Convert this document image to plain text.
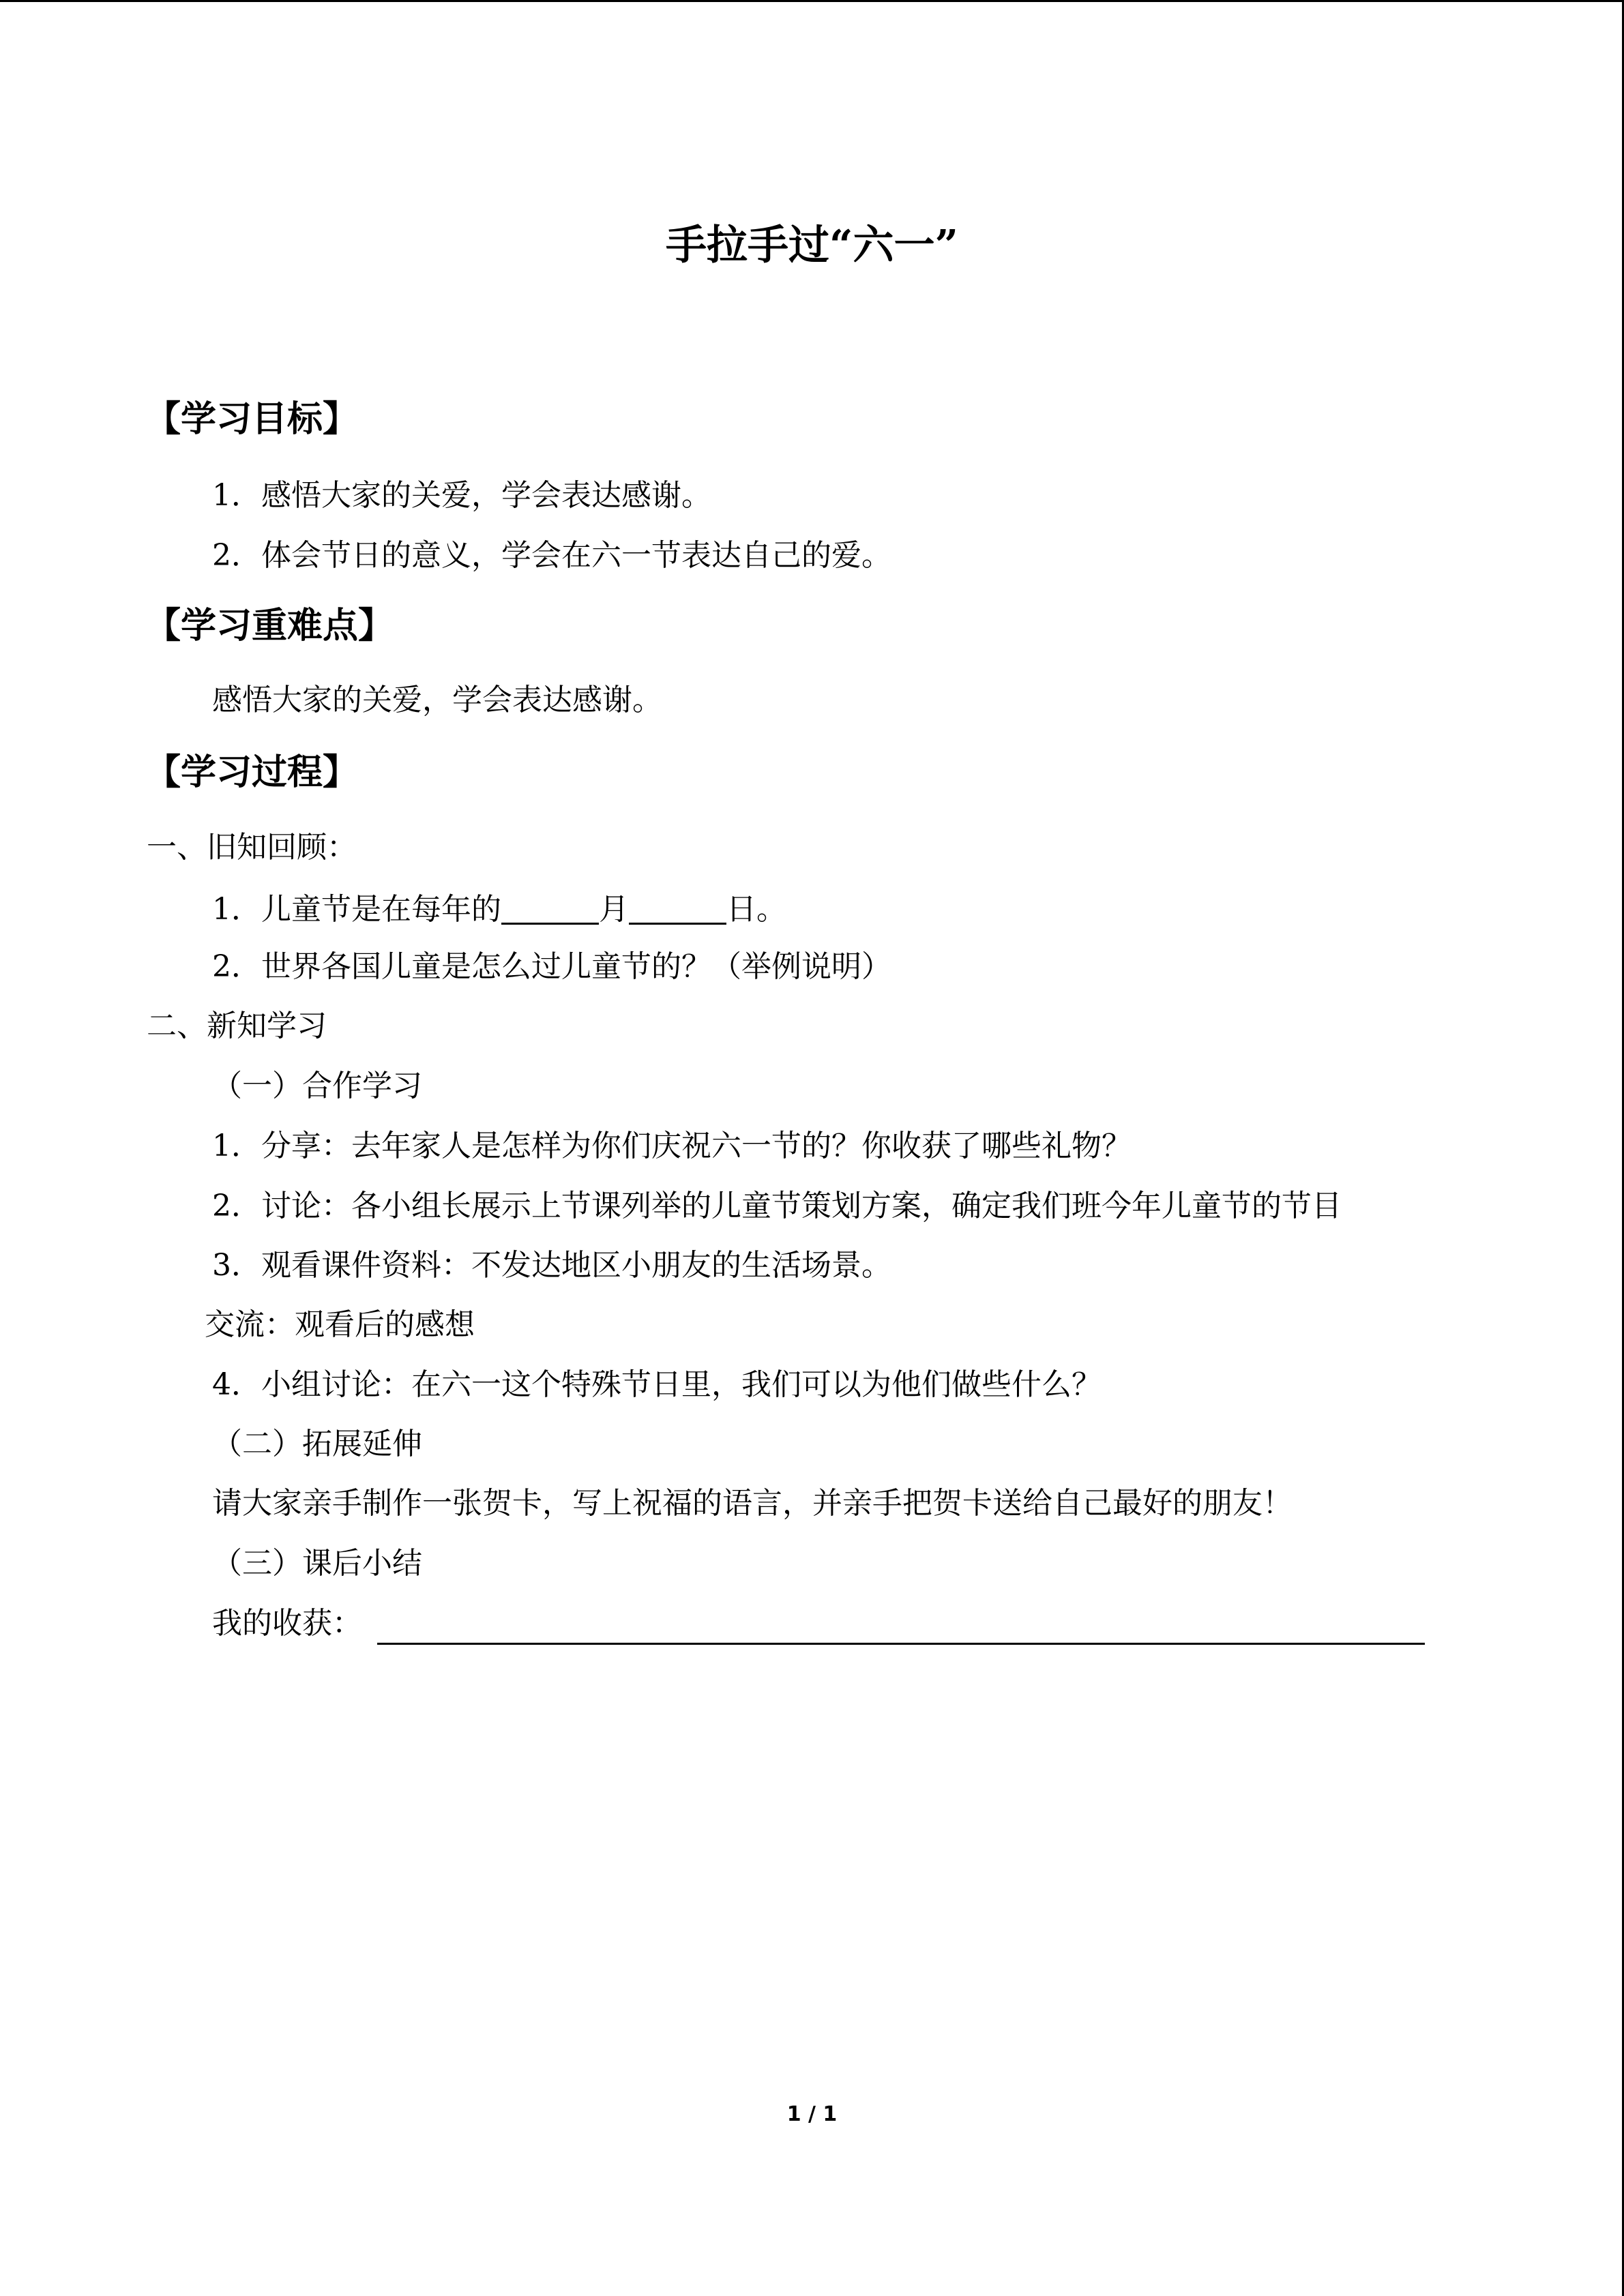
手拉手过“六一”
【学习目标】
1．感悟大家的关爱，学会表达感谢。
2．体会节日的意义，学会在六一节表达自己的爱。
【学习重难点】
感悟大家的关爱，学会表达感谢。
【学习过程】
一、旧知回顾：
1．儿童节是在每年的	月	日。
2．世界各国儿童是怎么过儿童节的？（举例说明）
二、新知学习
（一）合作学习
1．分享：去年家人是怎样为你们庆祝六一节的？你收获了哪些礼物？
2．讨论：各小组长展示上节课列举的儿童节策划方案，确定我们班今年儿童节的节目
3．观看课件资料：不发达地区小朋友的生活场景。
交流：观看后的感想
4．小组讨论：在六一这个特殊节日里，我们可以为他们做些什么？
（二）拓展延伸
请大家亲手制作一张贺卡，写上祝福的语言，并亲手把贺卡送给自己最好的朋友！
（三）课后小结
我的收获：
1 / 1
